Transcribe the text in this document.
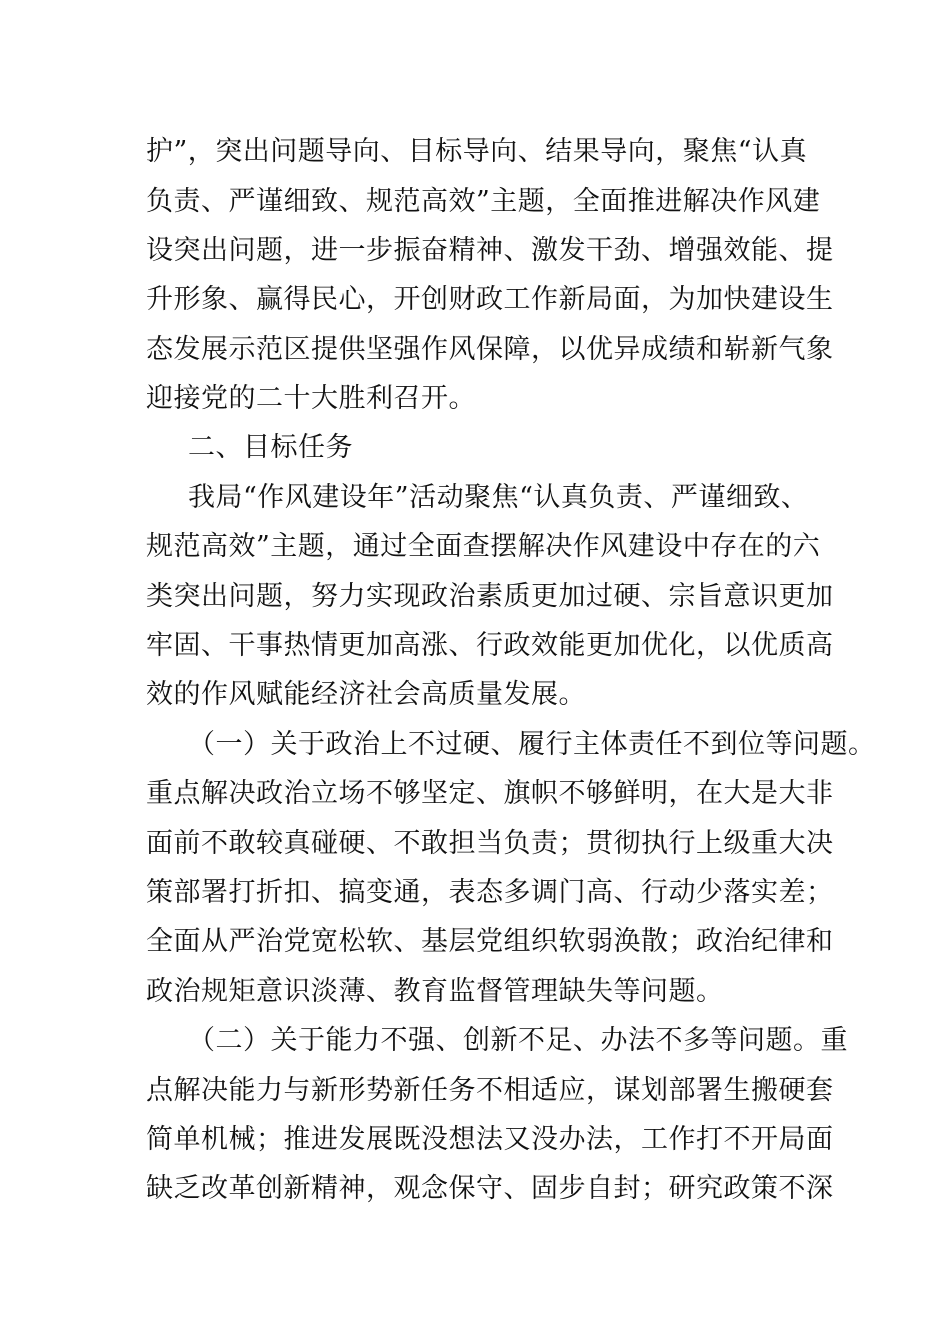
护”，突出问题导向、目标导向、结果导向，聚焦“认真
负责、严谨细致、规范高效”主题，全面推进解决作风建
设突出问题，进一步振奋精神、激发干劲、增强效能、提
升形象、赢得民心，开创财政工作新局面，为加快建设生
态发展示范区提供坚强作风保障，以优异成绩和崭新气象
迎接党的二十大胜利召开。
二、目标任务
我局“作风建设年”活动聚焦“认真负责、严谨细致、
规范高效”主题，通过全面查摆解决作风建设中存在的六
类突出问题，努力实现政治素质更加过硬、宗旨意识更加
牢固、干事热情更加高涨、行政效能更加优化，以优质高
效的作风赋能经济社会高质量发展。
（一）关于政治上不过硬、履行主体责任不到位等问题。
重点解决政治立场不够坚定、旗帜不够鲜明，在大是大非
面前不敢较真碰硬、不敢担当负责；贯彻执行上级重大决
策部署打折扣、搞变通，表态多调门高、行动少落实差；
全面从严治党宽松软、基层党组织软弱涣散；政治纪律和
政治规矩意识淡薄、教育监督管理缺失等问题。
（二）关于能力不强、创新不足、办法不多等问题。重
点解决能力与新形势新任务不相适应，谋划部署生搬硬套
简单机械；推进发展既没想法又没办法，工作打不开局面
缺乏改革创新精神，观念保守、固步自封；研究政策不深
